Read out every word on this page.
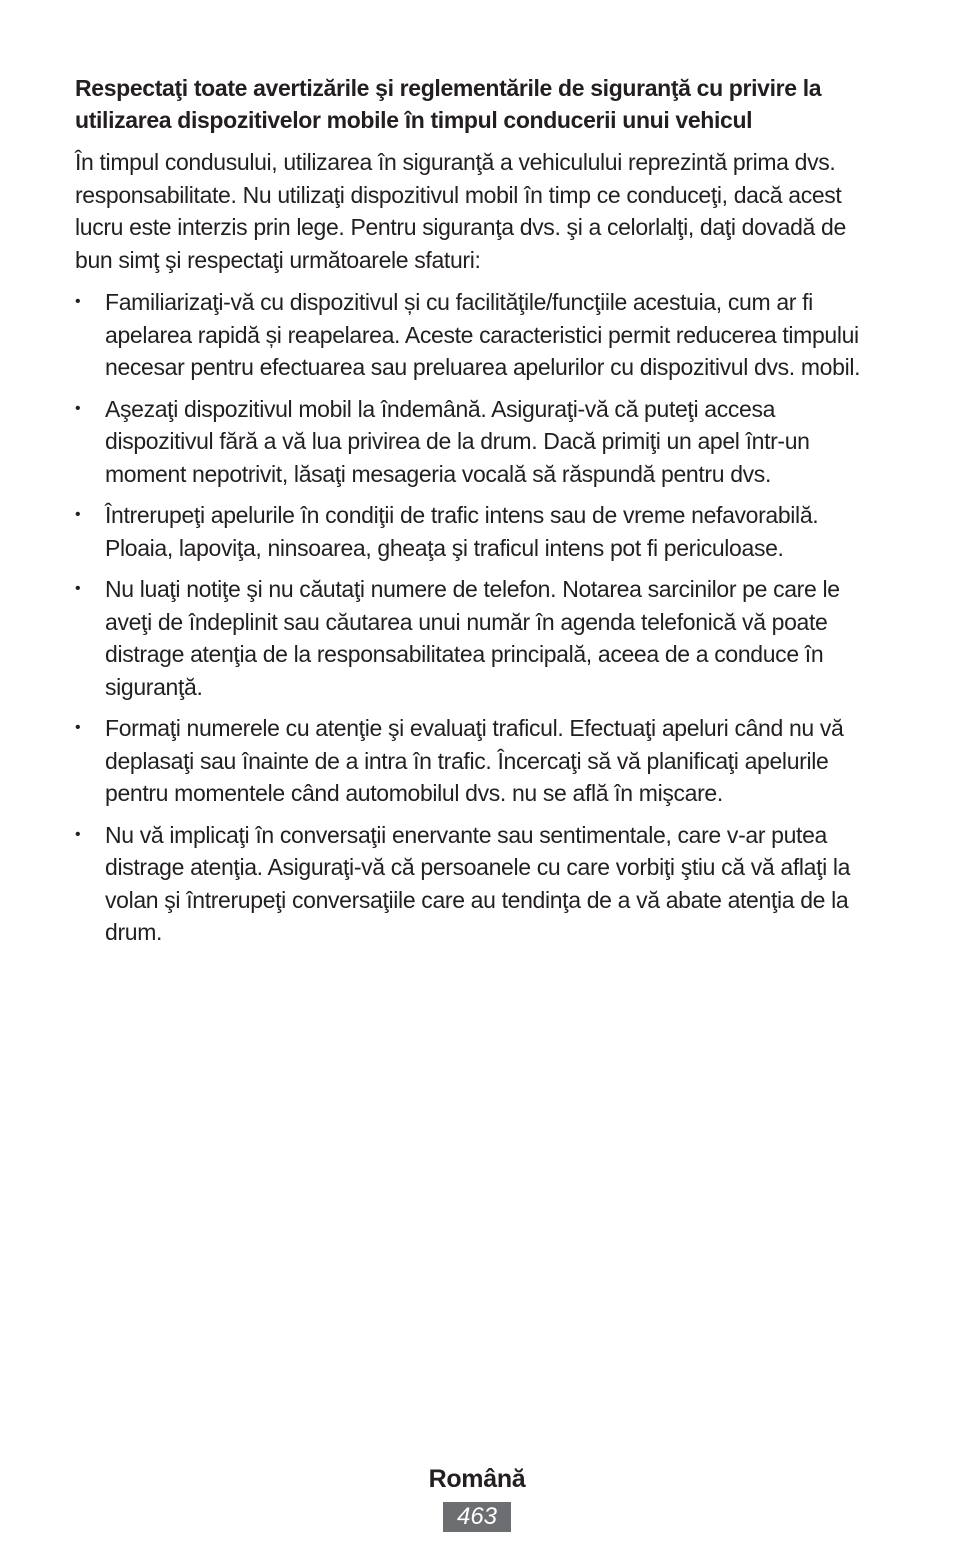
Respectaţi toate avertizările şi reglementările de siguranţă cu privire la utilizarea dispozitivelor mobile în timpul conducerii unui vehicul

În timpul condusului, utilizarea în siguranţă a vehiculului reprezintă prima dvs. responsabilitate. Nu utilizaţi dispozitivul mobil în timp ce conduceţi, dacă acest lucru este interzis prin lege. Pentru siguranţa dvs. şi a celorlalţi, daţi dovadă de bun simţ şi respectaţi următoarele sfaturi:

•	Familiarizaţi-vă cu dispozitivul și cu facilităţile/funcţiile acestuia, cum ar fi apelarea rapidă și reapelarea. Aceste caracteristici permit reducerea timpului necesar pentru efectuarea sau preluarea apelurilor cu dispozitivul dvs. mobil.
•	Aşezaţi dispozitivul mobil la îndemână. Asiguraţi-vă că puteţi accesa dispozitivul fără a vă lua privirea de la drum. Dacă primiţi un apel într-un moment nepotrivit, lăsaţi mesageria vocală să răspundă pentru dvs.
•	Întrerupeţi apelurile în condiţii de trafic intens sau de vreme nefavorabilă. Ploaia, lapoviţa, ninsoarea, gheaţa şi traficul intens pot fi periculoase.
•	Nu luaţi notiţe şi nu căutaţi numere de telefon. Notarea sarcinilor pe care le aveţi de îndeplinit sau căutarea unui număr în agenda telefonică vă poate distrage atenţia de la responsabilitatea principală, aceea de a conduce în siguranţă.
•	Formaţi numerele cu atenţie şi evaluaţi traficul. Efectuaţi apeluri când nu vă deplasaţi sau înainte de a intra în trafic. Încercaţi să vă planificaţi apelurile pentru momentele când automobilul dvs. nu se află în mişcare.
•	Nu vă implicaţi în conversaţii enervante sau sentimentale, care v-ar putea distrage atenţia. Asiguraţi-vă că persoanele cu care vorbiţi ştiu că vă aflaţi la volan şi întrerupeţi conversaţiile care au tendinţa de a vă abate atenţia de la drum.
Română
463
